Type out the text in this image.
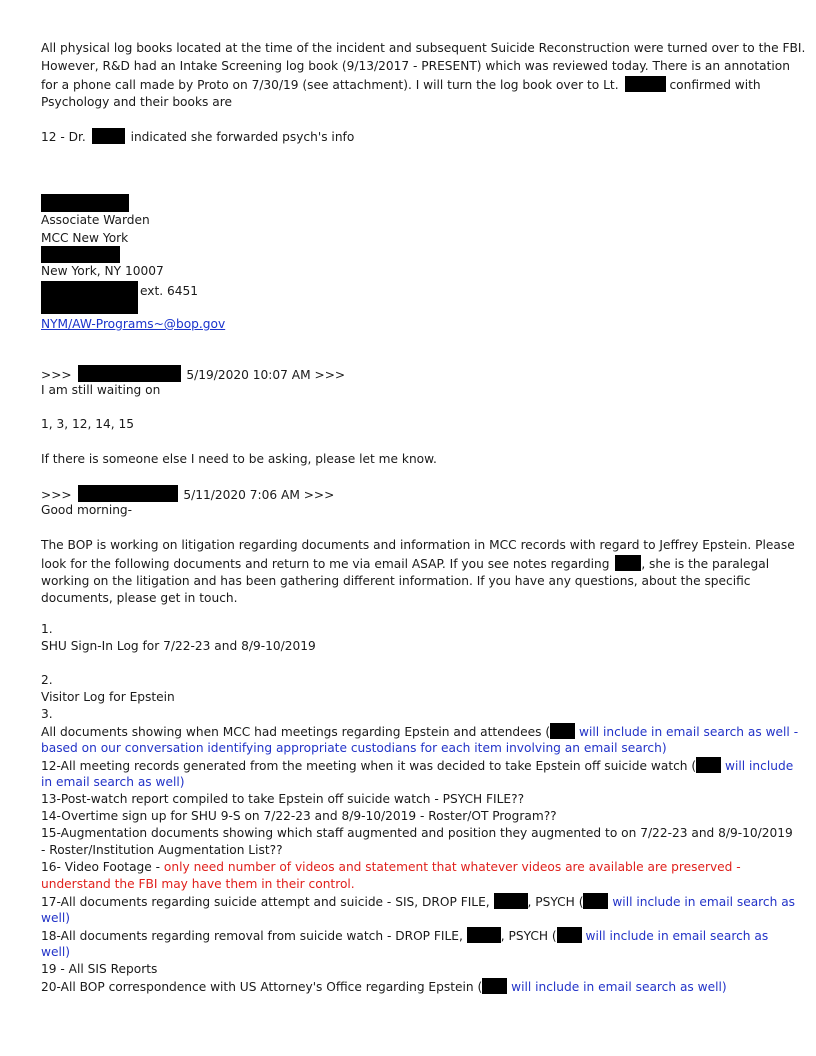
All physical log books located at the time of the incident and subsequent Suicide Reconstruction were turned over to the FBI.
However, R&D had an Intake Screening log book (9/13/2017 - PRESENT) which was reviewed today. There is an annotation
for a phone call made by Proto on 7/30/19 (see attachment). I will turn the log book over to Lt.	confirmed with
Psychology and their books are
12 - Dr.	indicated she forwarded psych's info
Associate Warden
MCC New York
New York, NY 10007
ext. 6451
NYM/AW-Programs~@bop.gov
>>>	5/19/2020 10:07 AM >>>
I am still waiting on
1, 3, 12, 14, 15
If there is someone else I need to be asking, please let me know.
>>>	5/11/2020 7:06 AM >>>
Good morning-
The BOP is working on litigation regarding documents and information in MCC records with regard to Jeffrey Epstein. Please
look for the following documents and return to me via email ASAP. If you see notes regarding	, she is the paralegal
working on the litigation and has been gathering different information. If you have any questions, about the specific
documents, please get in touch.
1.
SHU Sign-In Log for 7/22-23 and 8/9-10/2019
2.
Visitor Log for Epstein
3.
All documents showing when MCC had meetings regarding Epstein and attendees ( will include in email search as well -
based on our conversation identifying appropriate custodians for each item involving an email search)
12-All meeting records generated from the meeting when it was decided to take Epstein off suicide watch ( will include
in email search as well)
13-Post-watch report compiled to take Epstein off suicide watch - PSYCH FILE??
14-Overtime sign up for SHU 9-S on 7/22-23 and 8/9-10/2019 - Roster/OT Program??
15-Augmentation documents showing which staff augmented and position they augmented to on 7/22-23 and 8/9-10/2019
- Roster/Institution Augmentation List??
16- Video Footage - only need number of videos and statement that whatever videos are available are preserved -
understand the FBI may have them in their control.
17-All documents regarding suicide attempt and suicide - SIS, DROP FILE,	, PSYCH ( will include in email search as
well)
18-All documents regarding removal from suicide watch - DROP FILE,	, PSYCH ( will include in email search as
well)
19 - All SIS Reports
20-All BOP correspondence with US Attorney's Office regarding Epstein ( will include in email search as well)
